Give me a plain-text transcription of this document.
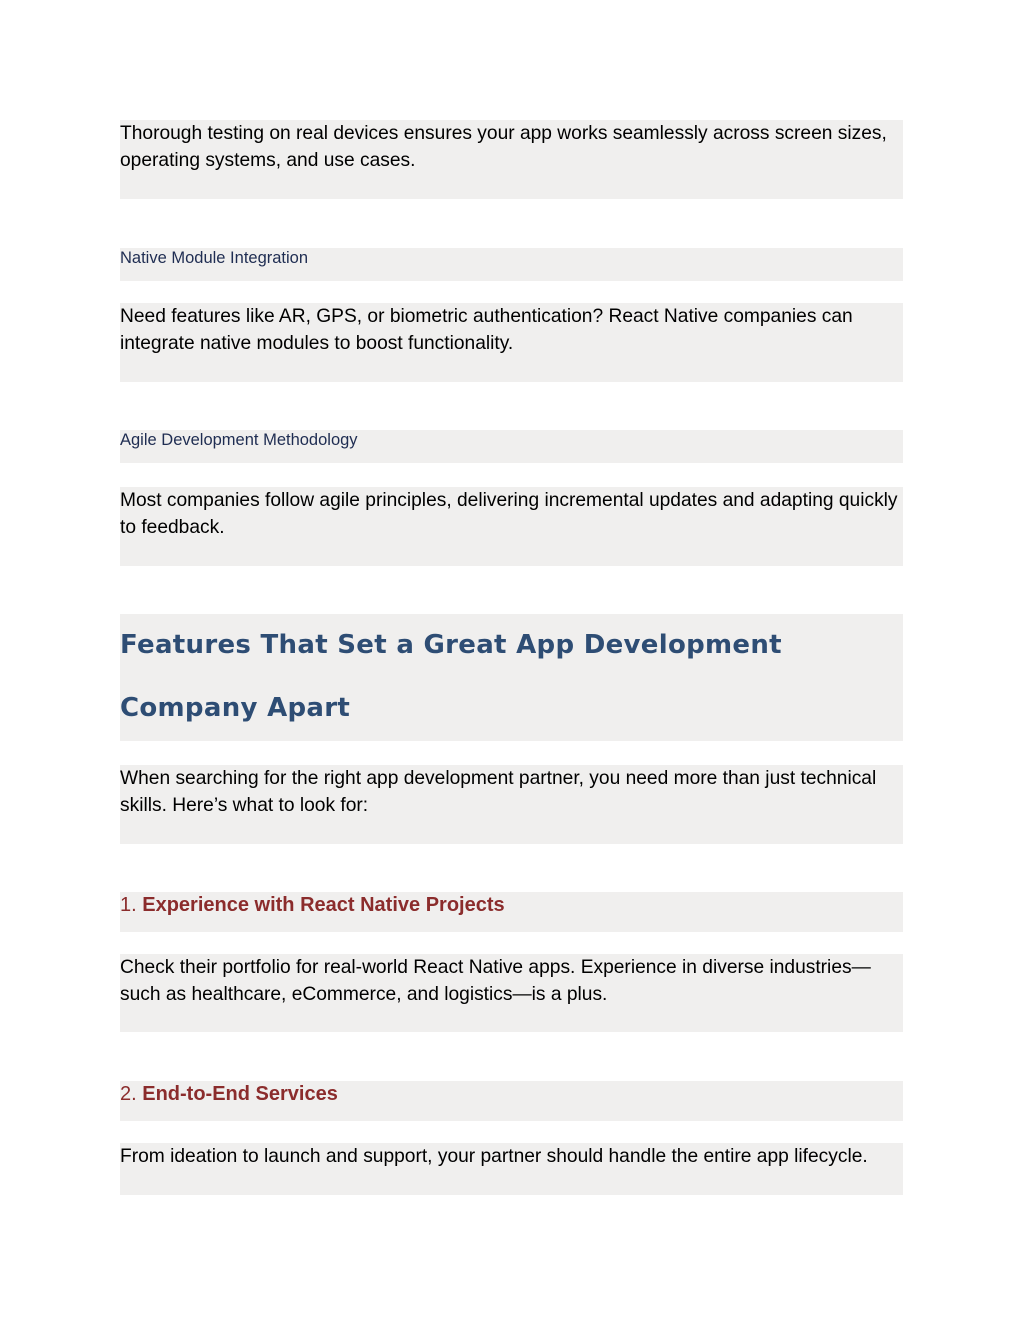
Thorough testing on real devices ensures your app works seamlessly across screen sizes, operating systems, and use cases.

Native Module Integration

Need features like AR, GPS, or biometric authentication? React Native companies can integrate native modules to boost functionality.

Agile Development Methodology

Most companies follow agile principles, delivering incremental updates and adapting quickly to feedback.

Features That Set a Great App Development Company Apart

When searching for the right app development partner, you need more than just technical skills. Here’s what to look for:

1. Experience with React Native Projects

Check their portfolio for real-world React Native apps. Experience in diverse industries—such as healthcare, eCommerce, and logistics—is a plus.

2. End-to-End Services

From ideation to launch and support, your partner should handle the entire app lifecycle.
